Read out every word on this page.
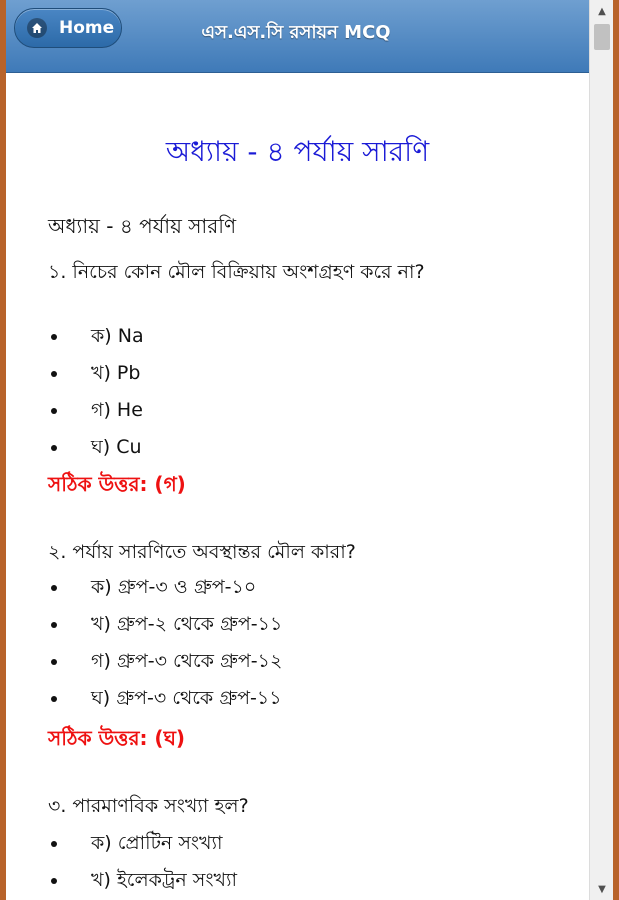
Home	এস.এস.সি রসায়ন MCQ
অধ্যায় - ৪ পর্যায় সারণি
অধ্যায় - ৪ পর্যায় সারণি

১. নিচের কোন মৌল বিক্রিয়ায় অংশগ্রহণ করে না?

ক) Na
খ) Pb
গ) He
ঘ) Cu
সঠিক উত্তর: (গ)

২. পর্যায় সারণিতে অবস্থান্তর মৌল কারা?

ক) গ্রুপ-৩ ও গ্রুপ-১০
খ) গ্রুপ-২ থেকে গ্রুপ-১১
গ) গ্রুপ-৩ থেকে গ্রুপ-১২
ঘ) গ্রুপ-৩ থেকে গ্রুপ-১১
সঠিক উত্তর: (ঘ)

৩. পারমাণবিক সংখ্যা হল?

ক) প্রোটিন সংখ্যা
খ) ইলেকট্রন সংখ্যা
▲
▼
